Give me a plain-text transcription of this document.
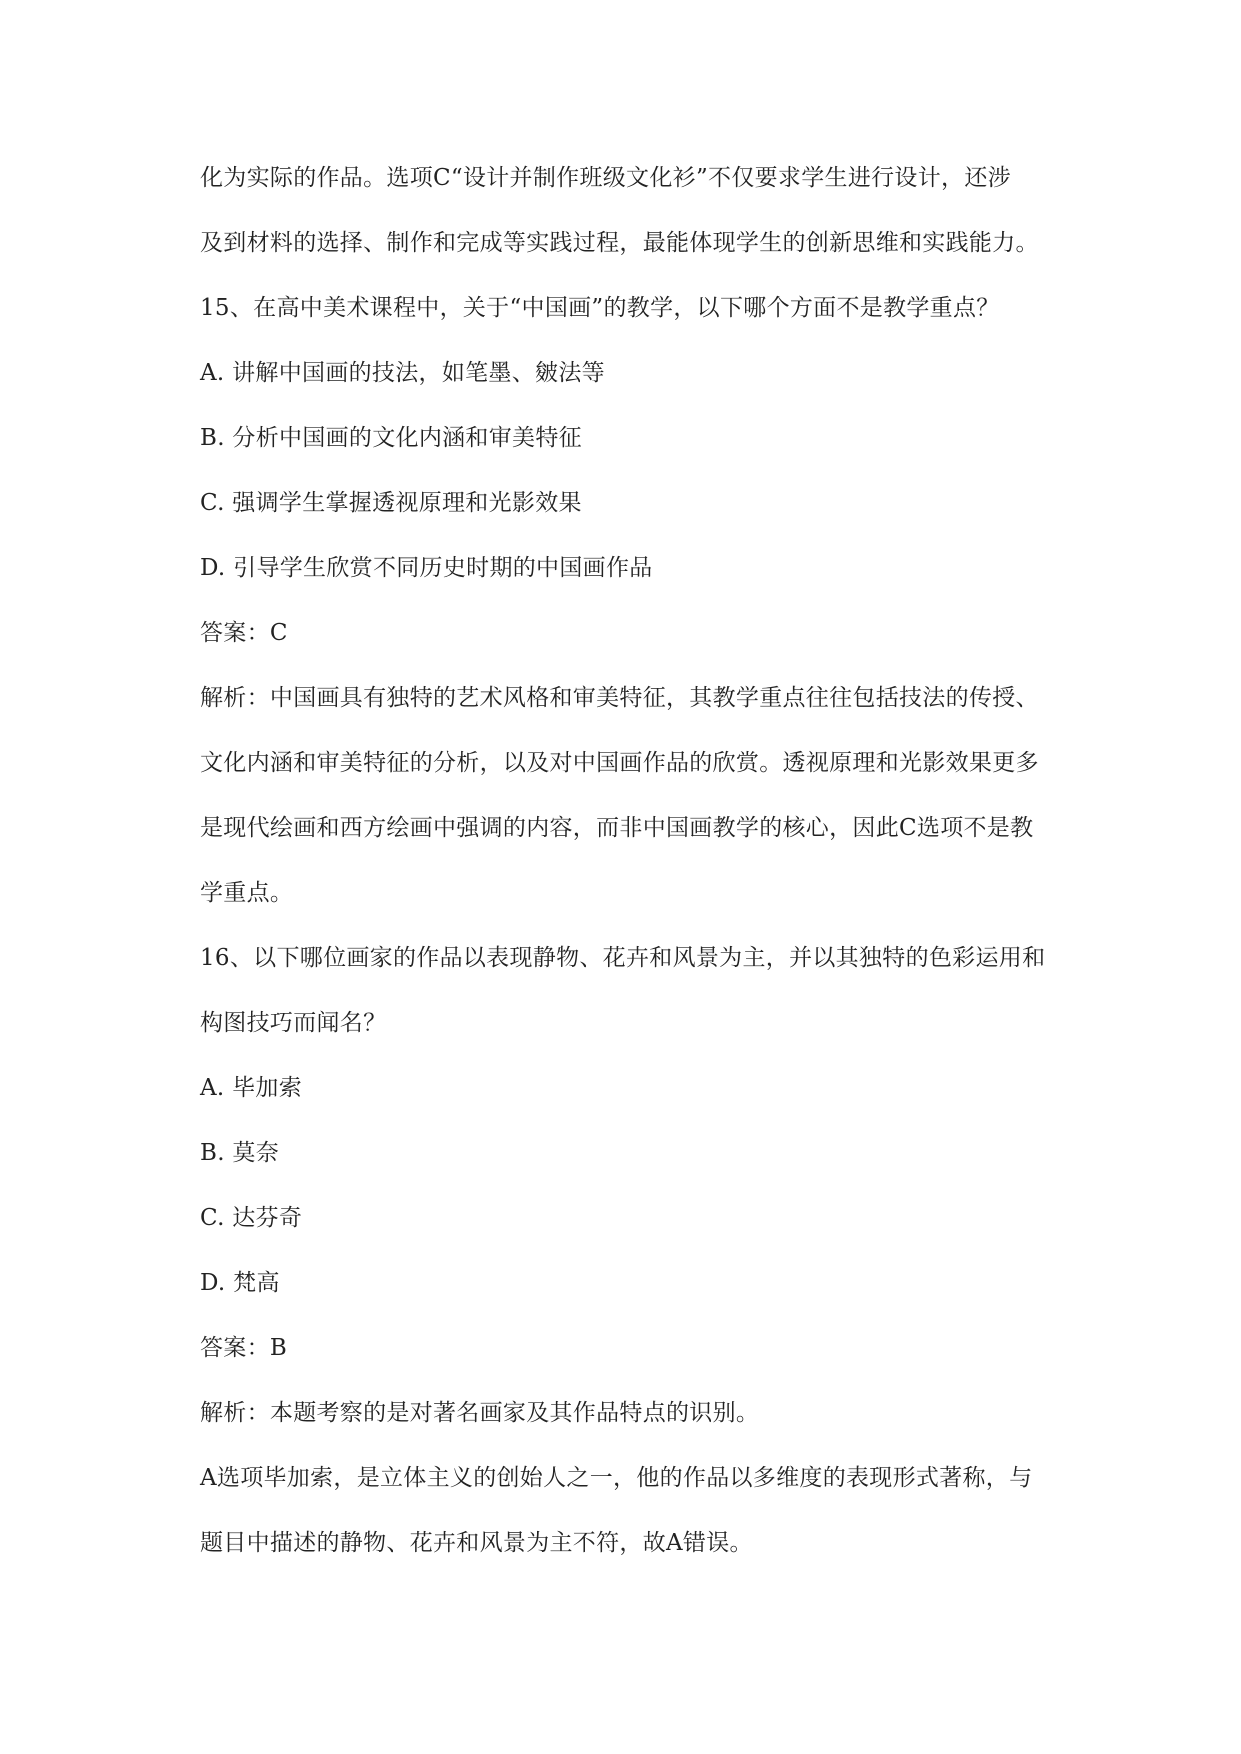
化为实际的作品。选项C“设计并制作班级文化衫”不仅要求学生进行设计，还涉
及到材料的选择、制作和完成等实践过程，最能体现学生的创新思维和实践能力。
15、在高中美术课程中，关于“中国画”的教学，以下哪个方面不是教学重点？
A. 讲解中国画的技法，如笔墨、皴法等
B. 分析中国画的文化内涵和审美特征
C. 强调学生掌握透视原理和光影效果
D. 引导学生欣赏不同历史时期的中国画作品
答案：C
解析：中国画具有独特的艺术风格和审美特征，其教学重点往往包括技法的传授、
文化内涵和审美特征的分析，以及对中国画作品的欣赏。透视原理和光影效果更多
是现代绘画和西方绘画中强调的内容，而非中国画教学的核心，因此C选项不是教
学重点。
16、以下哪位画家的作品以表现静物、花卉和风景为主，并以其独特的色彩运用和
构图技巧而闻名？
A. 毕加索
B. 莫奈
C. 达芬奇
D. 梵高
答案：B
解析：本题考察的是对著名画家及其作品特点的识别。
A选项毕加索，是立体主义的创始人之一，他的作品以多维度的表现形式著称，与
题目中描述的静物、花卉和风景为主不符，故A错误。
